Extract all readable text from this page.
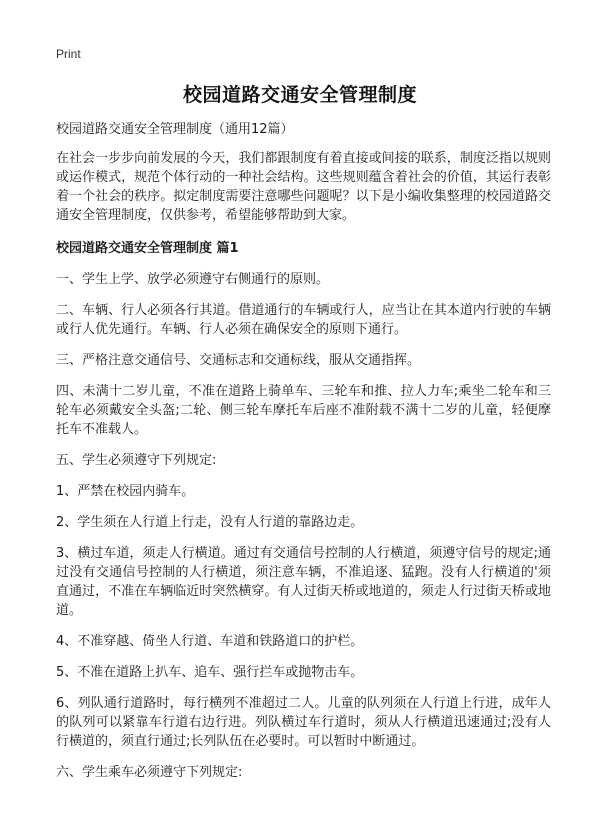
Print
校园道路交通安全管理制度

校园道路交通安全管理制度（通用12篇）

在社会一步步向前发展的今天，我们都跟制度有着直接或间接的联系，制度泛指以规则或运作模式，规范个体行动的一种社会结构。这些规则蕴含着社会的价值，其运行表彰着一个社会的秩序。拟定制度需要注意哪些问题呢？以下是小编收集整理的校园道路交通安全管理制度，仅供参考，希望能够帮助到大家。

校园道路交通安全管理制度 篇1

一、学生上学、放学必须遵守右侧通行的原则。

二、车辆、行人必须各行其道。借道通行的车辆或行人，应当让在其本道内行驶的车辆或行人优先通行。车辆、行人必须在确保安全的原则下通行。

三、严格注意交通信号、交通标志和交通标线，服从交通指挥。

四、未满十二岁儿童，不准在道路上骑单车、三轮车和推、拉人力车;乘坐二轮车和三轮车必须戴安全头盔;二轮、侧三轮车摩托车后座不准附载不满十二岁的儿童，轻便摩托车不准载人。

五、学生必须遵守下列规定:

1、严禁在校园内骑车。

2、学生须在人行道上行走，没有人行道的靠路边走。

3、横过车道，须走人行横道。通过有交通信号控制的人行横道，须遵守信号的规定;通过没有交通信号控制的人行横道，须注意车辆，不准追逐、猛跑。没有人行横道的'须直通过，不准在车辆临近时突然横穿。有人过街天桥或地道的，须走人行过街天桥或地道。

4、不准穿越、倚坐人行道、车道和铁路道口的护栏。

5、不准在道路上扒车、追车、强行拦车或抛物击车。

6、列队通行道路时，每行横列不准超过二人。儿童的队列须在人行道上行进，成年人的队列可以紧靠车行道右边行进。列队横过车行道时，须从人行横道迅速通过;没有人行横道的，须直行通过;长列队伍在必要时。可以暂时中断通过。

六、学生乘车必须遵守下列规定:
